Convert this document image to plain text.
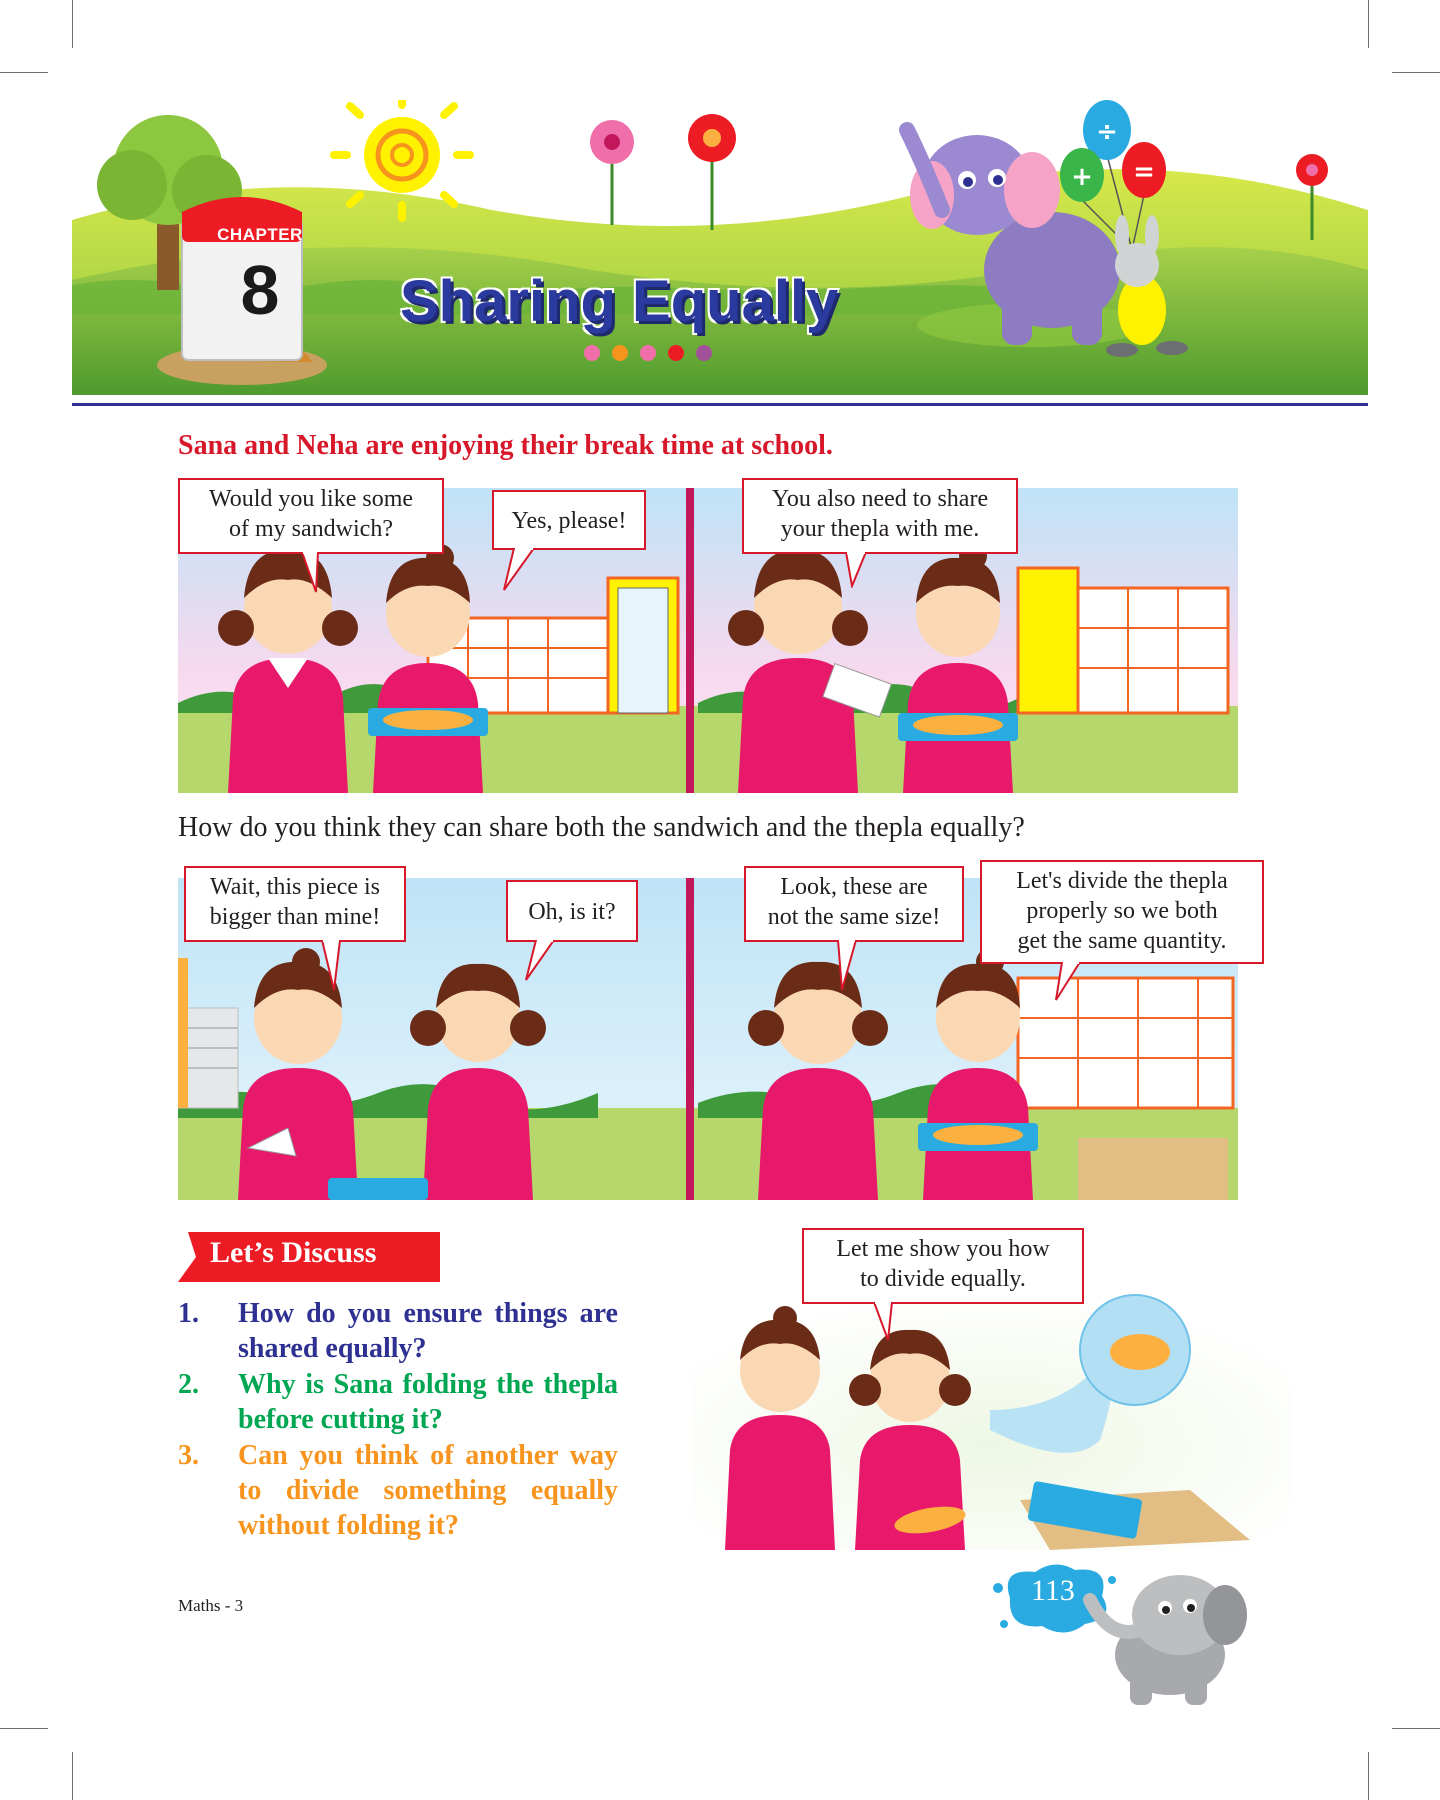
÷
+ =
CHAPTER
8	Sharing Equally
Sana and Neha are enjoying their break time at school.
Would you like some
of my sandwich?	Yes, please!
You also need to share
your thepla with me.
How do you think they can share both the sandwich and the thepla equally?
Wait, this piece is
bigger than mine!	Oh, is it?
Look, these are
not the same size!
Let's divide the thepla
properly so we both
get the same quantity.
Let’s Discuss
1.	How do you ensure things are shared equally?
2.	Why is Sana folding the thepla before cutting it?
3.	Can you think of another way to divide something equally without folding it?
Let me show you how
to divide equally.
Maths - 3	113
